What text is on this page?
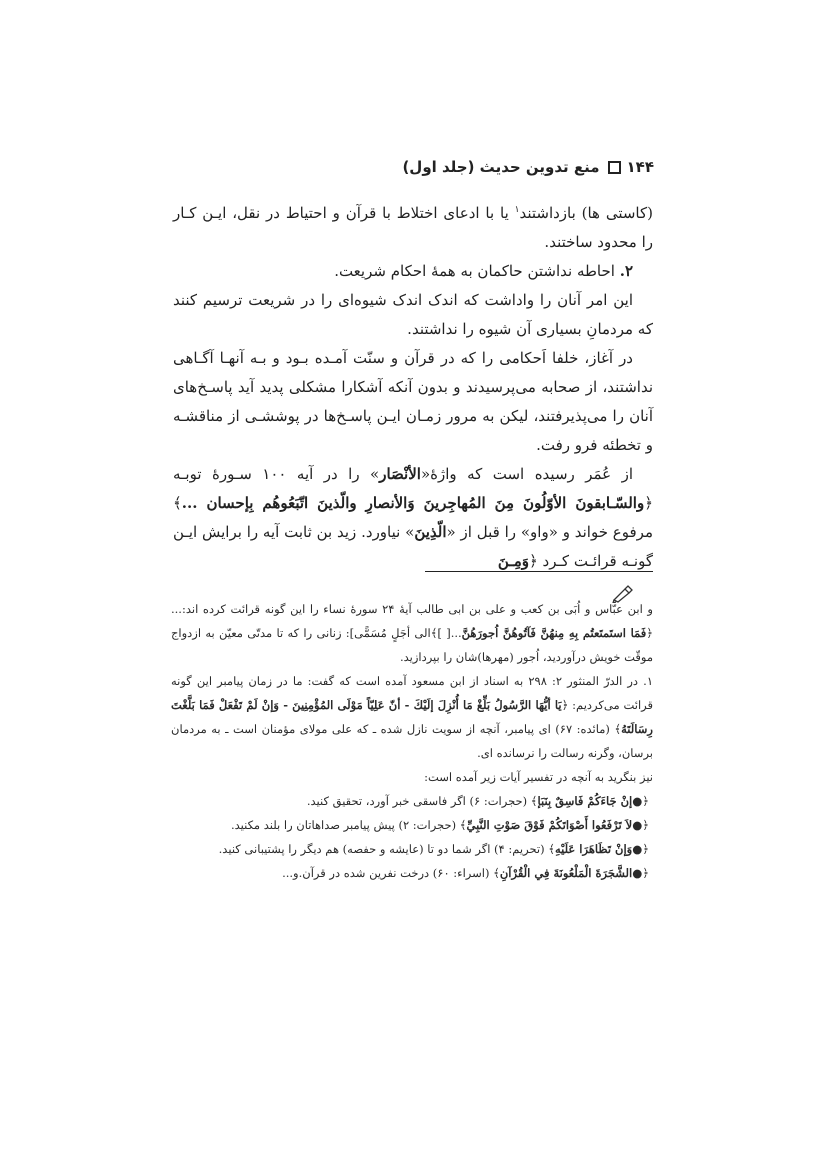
۱۴۴
منع تدوین حدیث (جلد اول)

(کاستی ها) بازداشتند$^۱$ یا با ادعای اختلاط با قرآن و احتیاط در نقل، ایـن کـار را محدود ساختند.

۲. احاطه نداشتن حاکمان به همهٔ احکام شریعت.

این امر آنان را واداشت که اندک اندک شیوه‌ای را در شریعت ترسیم کنند که مردمانِ بسیاری آن شیوه را نداشتند.

در آغاز، خلفا اَحکامی را که در قرآن و سنّت آمـده بـود و بـه آنهـا آگـاهی نداشتند، از صحابه می‌پرسیدند و بدون آنکه آشکارا مشکلی پدید آید پاسـخ‌های آنان را می‌پذیرفتند، لیکن به مرور زمـان ایـن پاسـخ‌ها در پوششـی از مناقشـه و تخطئه فرو رفت.

از عُمَر رسیده است که واژهٔ«الأنْصَار» را در آیه ۱۰۰ سـورهٔ توبـه ﴿والسّـابقونَ الأوّلُونَ مِنَ المُهاجِرينَ وَالأنصارِ والّذينَ اتّبَعُوهُم بِإحسان ...﴾مرفوع خواند و «واو» را قبل از «الّذِينَ» نیاورد. زید بن ثابت آیه را برایش ایـن گونـه قرائـت کـرد ﴿وَمِـنَ

و ابن عبّاس و اُبَی بن کعب و علی بن ابی طالب آیهٔ ۲۴ سورهٔ نساء را این گونه قرائت کرده اند:... ﴿فَمَا استَمتَعتُم بِهِ مِنهُنَّ فَآتُوهُنَّ اُجورَهُنَّ...[ ]﴾الی أجَلٍ مُسَمًّی]: زنانی را که تا مدتّی معیّن به ازدواج موقّت خویش درآوردید، اُجور (مهرها)شان را بپردازید.

۱. در الدرّ المنثور ۲: ۲۹۸ به اسناد از ابن مسعود آمده است که گفت: ما در زمان پیامبر این گونه قرائت می‌کردیم: ﴿يَا أيُّهَا الرَّسُولُ بَلِّغْ مَا أُنْزِلَ إلَيْكَ - أنّ عَلِيّاً مَوْلَى المُؤْمِنِينَ - وَإنْ لَمْ تَفْعَلْ فَمَا بَلَّغْتَ رِسَالَتَهُ﴾ (مائده: ۶۷) ای پیامبر، آنچه از سویت نازل شده ـ که علی مولای مؤمنان است ـ به مردمان برسان، وگرنه رسالت را نرسانده ای.

نیز بنگرید به آنچه در تفسیر آیات زیر آمده است:

﴿●إنْ جَاءَكُمْ فَاسِقٌ بِنَبَإ﴾ (حجرات: ۶) اگر فاسقی خبر آورد، تحقیق کنید.

﴿●لاَ تَرْفَعُوا أَصْوَاتَكُمْ فَوْقَ صَوْتِ النَّبِيِّ﴾ (حجرات: ۲) پیش پیامبر صداهاتان را بلند مکنید.

﴿●وَإنْ تَظَاهَرَا عَلَيْهِ﴾ (تحریم: ۴) اگر شما دو تا (عایشه و حفصه) هم دیگر را پشتیبانی کنید.

﴿●الشَّجَرَةَ الْمَلْعُونَةَ فِي الْقُرْآنِ﴾ (اسراء: ۶۰) درخت نفرین شده در قرآن.و...
